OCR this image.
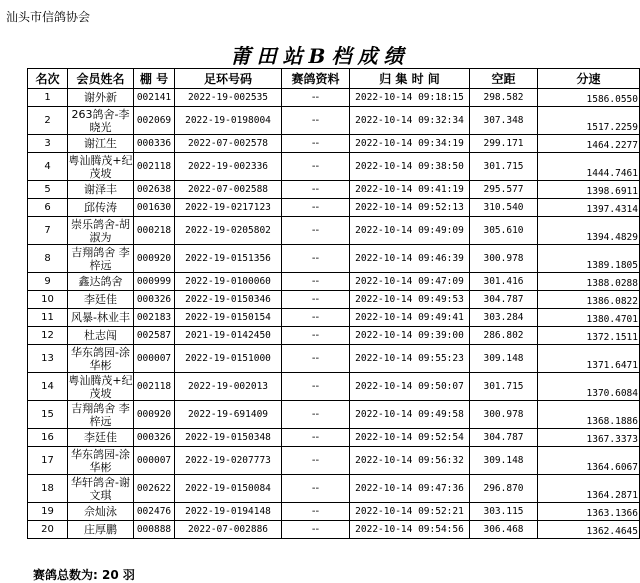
汕头市信鸽协会
莆田站B档成绩
名次	会员姓名	棚 号	足环号码	赛鸽资料	归 集 时 间	空距	分速
1	谢外新	002141	2022-19-002535	--	2022-10-14 09:18:15	298.582	1586.0550
2	263鸽舍-李晓光	002069	2022-19-0198004	--	2022-10-14 09:32:34	307.348	1517.2259
3	谢江生	000336	2022-07-002578	--	2022-10-14 09:34:19	299.171	1464.2277
4	粤汕腾茂+纪茂坡	002118	2022-19-002336	--	2022-10-14 09:38:50	301.715	1444.7461
5	谢泽丰	002638	2022-07-002588	--	2022-10-14 09:41:19	295.577	1398.6911
6	邱传涛	001630	2022-19-0217123	--	2022-10-14 09:52:13	310.540	1397.4314
7	崇乐鸽舍-胡淑为	000218	2022-19-0205802	--	2022-10-14 09:49:09	305.610	1394.4829
8	吉翔鸽舍 李梓远	000920	2022-19-0151356	--	2022-10-14 09:46:39	300.978	1389.1805
9	鑫达鸽舍	000999	2022-19-0100060	--	2022-10-14 09:47:09	301.416	1388.0288
10	李廷佳	000326	2022-19-0150346	--	2022-10-14 09:49:53	304.787	1386.0822
11	风暴-林业丰	002183	2022-19-0150154	--	2022-10-14 09:49:41	303.284	1380.4701
12	杜志闯	002587	2021-19-0142450	--	2022-10-14 09:39:00	286.802	1372.1511
13	华东鸽园-涂华彬	000007	2022-19-0151000	--	2022-10-14 09:55:23	309.148	1371.6471
14	粤汕腾茂+纪茂坡	002118	2022-19-002013	--	2022-10-14 09:50:07	301.715	1370.6084
15	吉翔鸽舍 李梓远	000920	2022-19-691409	--	2022-10-14 09:49:58	300.978	1368.1886
16	李廷佳	000326	2022-19-0150348	--	2022-10-14 09:52:54	304.787	1367.3373
17	华东鸽园-涂华彬	000007	2022-19-0207773	--	2022-10-14 09:56:32	309.148	1364.6067
18	华轩鸽舍-谢文琪	002622	2022-19-0150084	--	2022-10-14 09:47:36	296.870	1364.2871
19	佘灿泳	002476	2022-19-0194148	--	2022-10-14 09:52:21	303.115	1363.1366
20	庄厚鹏	000888	2022-07-002886	--	2022-10-14 09:54:56	306.468	1362.4645
赛鸽总数为: 20 羽
